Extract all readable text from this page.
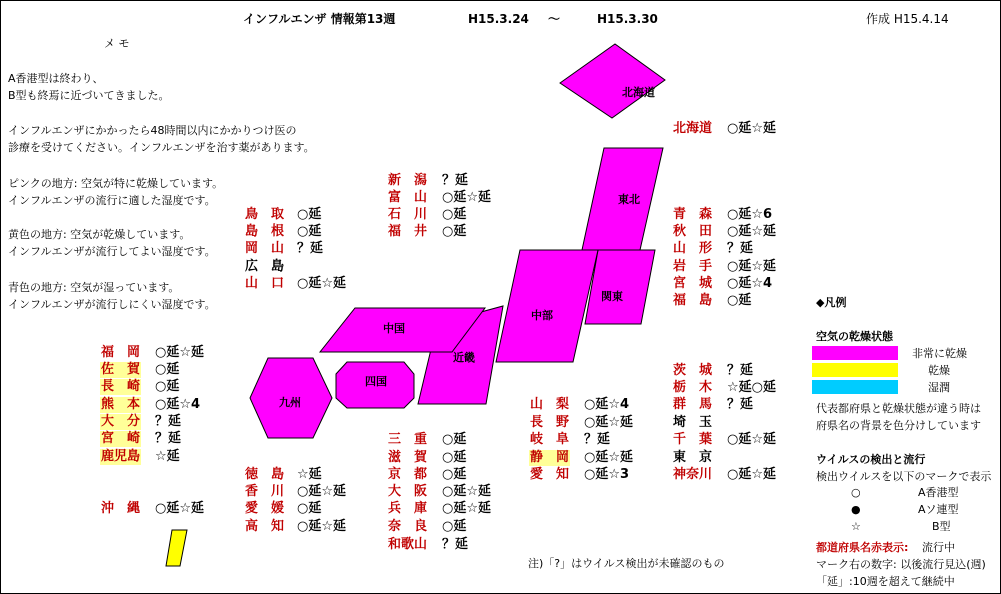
インフルエンザ 情報第13週	H15.3.24 〜	H15.3.30	作成 H15.4.14
メ モ
A香港型は終わり、
B型も終焉に近づいてきました。
インフルエンザにかかったら48時間以内にかかりつけ医の
診療を受けてください。インフルエンザを治す薬があります。
ピンクの地方: 空気が特に乾燥しています。
インフルエンザの流行に適した湿度です。
黄色の地方: 空気が乾燥しています。
インフルエンザが流行してよい湿度です。
青色の地方: 空気が湿っています。
インフルエンザが流行しにくい湿度です。
北海道
東北
関東
中部
近畿
中国
四国
九州
北海道 ○延☆延
新　潟 ？延
富　山 ○延☆延
石　川 ○延
福　井 ○延
鳥　取 ○延
島　根 ○延
岡　山 ？延
広　島
山　口 ○延☆延
青　森 ○延☆6
秋　田 ○延☆延
山　形 ？延
岩　手 ○延☆延
宮　城 ○延☆4
福　島 ○延
福　岡 ○延☆延
佐　賀 ○延
長　崎 ○延
熊　本 ○延☆4
大　分 ？延
宮　崎 ？延
鹿児島 ☆延
沖　縄 ○延☆延
茨　城 ？延
栃　木 ☆延○延
群　馬 ？延
埼　玉
千　葉 ○延☆延
東　京
神奈川 ○延☆延
山　梨 ○延☆4
長　野 ○延☆延
岐　阜 ？延
静　岡 ○延☆延
愛　知 ○延☆3
三　重 ○延
滋　賀 ○延
京　都 ○延
大　阪 ○延☆延
兵　庫 ○延☆延
奈　良 ○延
和歌山 ？延
徳　島 ☆延
香　川 ○延☆延
愛　媛 ○延
高　知 ○延☆延
注)「?」はウイルス検出が未確認のもの
◆凡例
空気の乾燥状態
非常に乾燥
乾燥
湿潤
代表都府県と乾燥状態が違う時は
府県名の背景を色分けしています
ウイルスの検出と流行
検出ウイルスを以下のマークで表示
○	A香港型
●	Aソ連型
☆	B型
都道府県名赤表示: 流行中
マーク右の数字: 以後流行見込(週)
「延」:10週を超えて継続中
